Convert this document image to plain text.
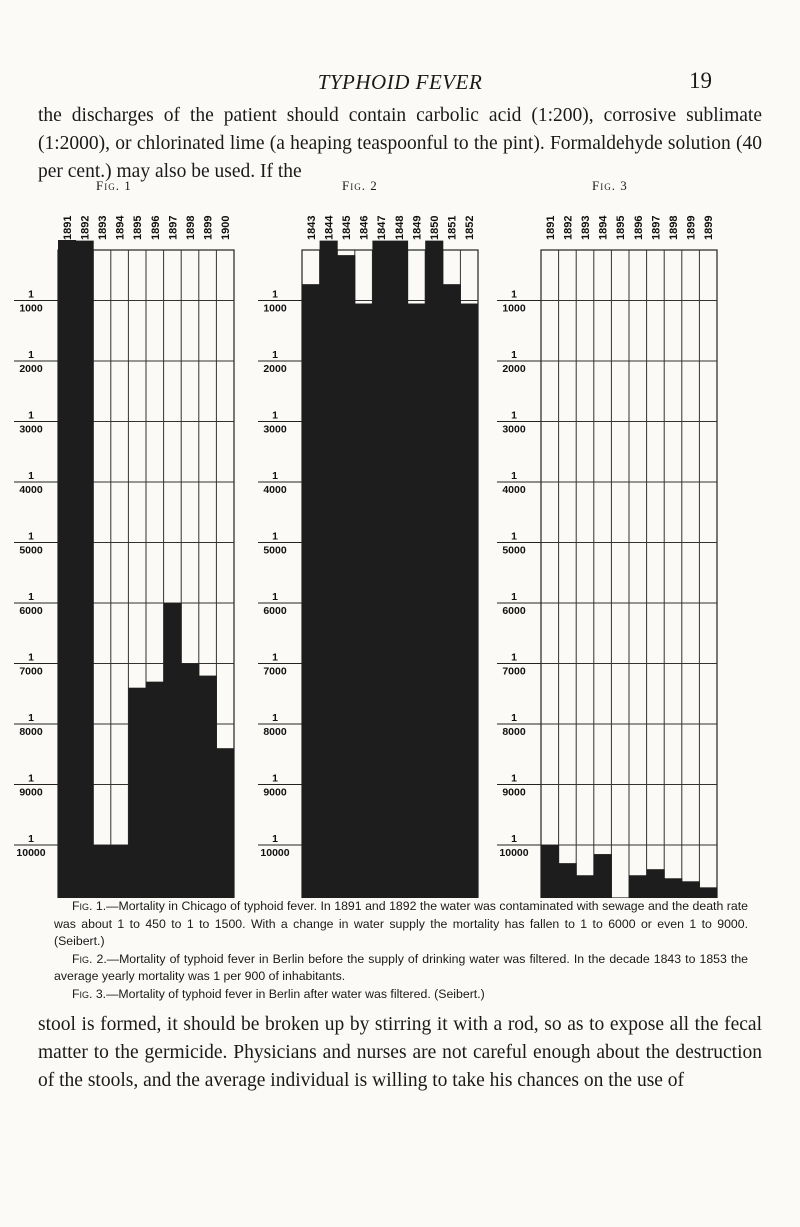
TYPHOID FEVER	19
the discharges of the patient should contain carbolic acid (1:200), corrosive sublimate (1:2000), or chlorinated lime (a heaping teaspoonful to the pint). Formaldehyde solution (40 per cent.) may also be used. If the
Fig. 1	Fig. 2	Fig. 3
1891 1892 1893 1894 1895 1896 1897 1898 1899 1900
1
1000
1
2000
1
3000
1
4000
1
5000
1
6000
1
7000
1
8000
1
9000
1
10000
1843 1844 1845 1846 1847 1848 1849 1850 1851 1852
1
1000
1
2000
1
3000
1
4000
1
5000
1
6000
1
7000
1
8000
1
9000
1
10000
1891 1892 1893 1894 1895 1896 1897 1898 1899 1899
1
1000
1
2000
1
3000
1
4000
1
5000
1
6000
1
7000
1
8000
1
9000
1
10000

Fig. 1.—Mortality in Chicago of typhoid fever. In 1891 and 1892 the water was contaminated with sewage and the death rate was about 1 to 450 to 1 to 1500. With a change in water supply the mortality has fallen to 1 to 6000 or even 1 to 9000. (Seibert.)

Fig. 2.—Mortality of typhoid fever in Berlin before the supply of drinking water was filtered. In the decade 1843 to 1853 the average yearly mortality was 1 per 900 of inhabitants.

Fig. 3.—Mortality of typhoid fever in Berlin after water was filtered. (Seibert.)

stool is formed, it should be broken up by stirring it with a rod, so as to expose all the fecal matter to the germicide. Physicians and nurses are not careful enough about the destruction of the stools, and the average individual is willing to take his chances on the use of
